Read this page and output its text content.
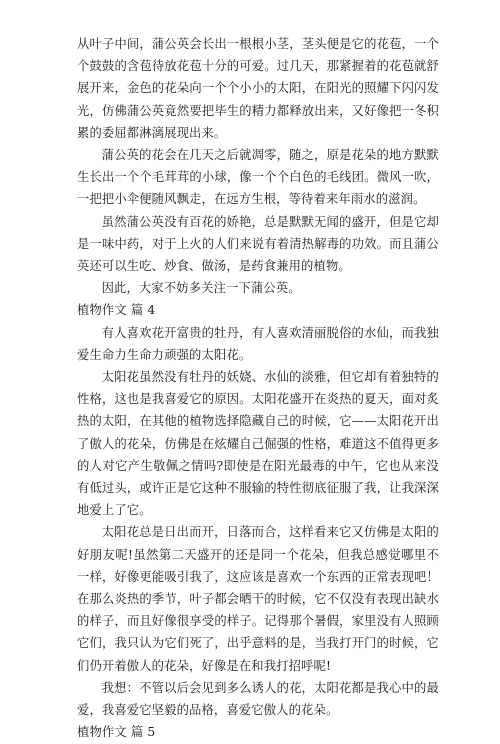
从叶子中间，蒲公英会长出一根根小茎，茎头便是它的花苞，一个个鼓鼓的含苞待放花苞十分的可爱。过几天，那紧握着的花苞就舒展开来，金色的花朵向一个个小小的太阳，在阳光的照耀下闪闪发光，仿佛蒲公英竟然要把毕生的精力都释放出来，又好像把一冬积累的委屈都淋漓展现出来。

蒲公英的花会在几天之后就凋零，随之，原是花朵的地方默默生长出一个个毛茸茸的小球，像一个个白色的毛线团。微风一吹，一把把小伞便随风飘走，在远方生根，等待着来年雨水的滋润。

虽然蒲公英没有百花的娇艳，总是默默无闻的盛开，但是它却是一味中药，对于上火的人们来说有着清热解毒的功效。而且蒲公英还可以生吃、炒食、做汤，是药食兼用的植物。

因此，大家不妨多关注一下蒲公英。

植物作文 篇 4

有人喜欢花开富贵的牡丹，有人喜欢清丽脱俗的水仙，而我独爱生命力生命力顽强的太阳花。

太阳花虽然没有牡丹的妖娆、水仙的淡雅，但它却有着独特的性格，这也是我喜爱它的原因。太阳花盛开在炎热的夏天，面对炙热的太阳，在其他的植物选择隐藏自己的时候，它——太阳花开出了傲人的花朵，仿佛是在炫耀自己倔强的性格，难道这不值得更多的人对它产生敬佩之情吗?即使是在阳光最毒的中午，它也从来没有低过头，或许正是它这种不服输的特性彻底征服了我，让我深深地爱上了它。

太阳花总是日出而开，日落而合，这样看来它又仿佛是太阳的好朋友呢!虽然第二天盛开的还是同一个花朵，但我总感觉哪里不一样，好像更能吸引我了，这应该是喜欢一个东西的正常表现吧！在那么炎热的季节，叶子都会晒干的时候，它不仅没有表现出缺水的样子，而且好像很享受的样子。记得那个暑假，家里没有人照顾它们，我只认为它们死了，出乎意料的是，当我打开门的时候，它们仍开着傲人的花朵，好像是在和我打招呼呢!

我想：不管以后会见到多么诱人的花，太阳花都是我心中的最爱，我喜爱它坚毅的品格，喜爱它傲人的花朵。

植物作文 篇 5
